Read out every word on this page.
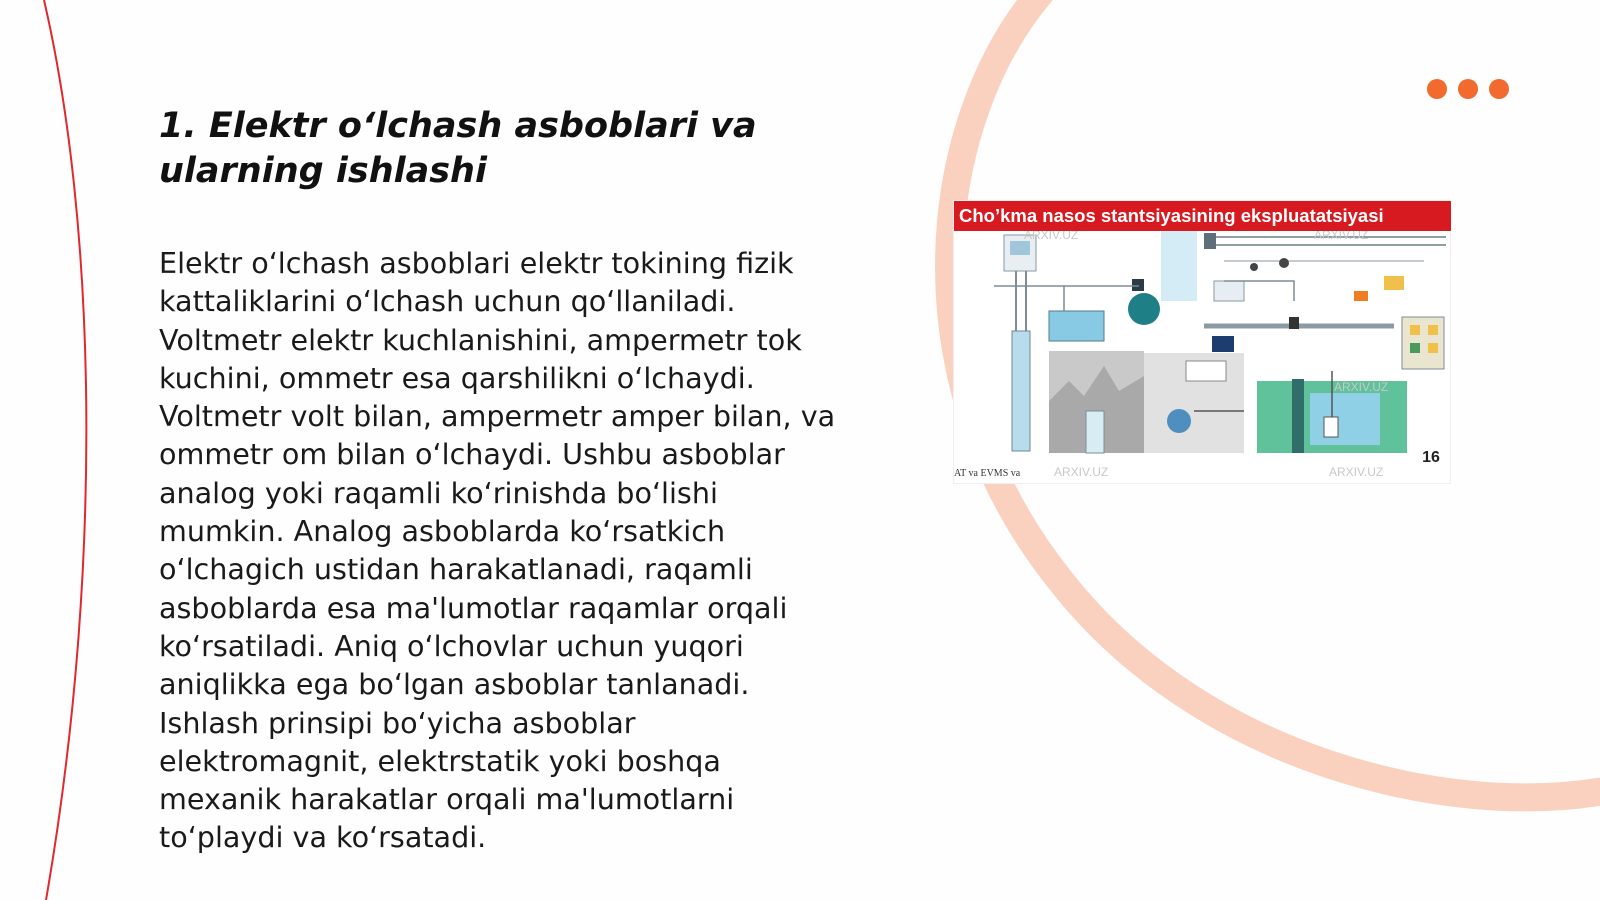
1. Elektr o‘lchash asboblari va ularning ishlashi

Elektr o‘lchash asboblari elektr tokining fizik kattaliklarini o‘lchash uchun qo‘llaniladi. Voltmetr elektr kuchlanishini, ampermetr tok kuchini, ommetr esa qarshilikni o‘lchaydi. Voltmetr volt bilan, ampermetr amper bilan, va ommetr om bilan o‘lchaydi. Ushbu asboblar analog yoki raqamli ko‘rinishda bo‘lishi mumkin. Analog asboblarda ko‘rsatkich o‘lchagich ustidan harakatlanadi, raqamli asboblarda esa ma'lumotlar raqamlar orqali ko‘rsatiladi. Aniq o‘lchovlar uchun yuqori aniqlikka ega bo‘lgan asboblar tanlanadi. Ishlash prinsipi bo‘yicha asboblar elektromagnit, elektrstatik yoki boshqa mexanik harakatlar orqali ma'lumotlarni to‘playdi va ko‘rsatadi.

Cho’kma nasos stantsiyasining ekspluatatsiyasi
ARXIV.UZ	ARXIV.UZ
ARXIV.UZ
ARXIV.UZ	ARXIV.UZ
16
AT va EVMS va
